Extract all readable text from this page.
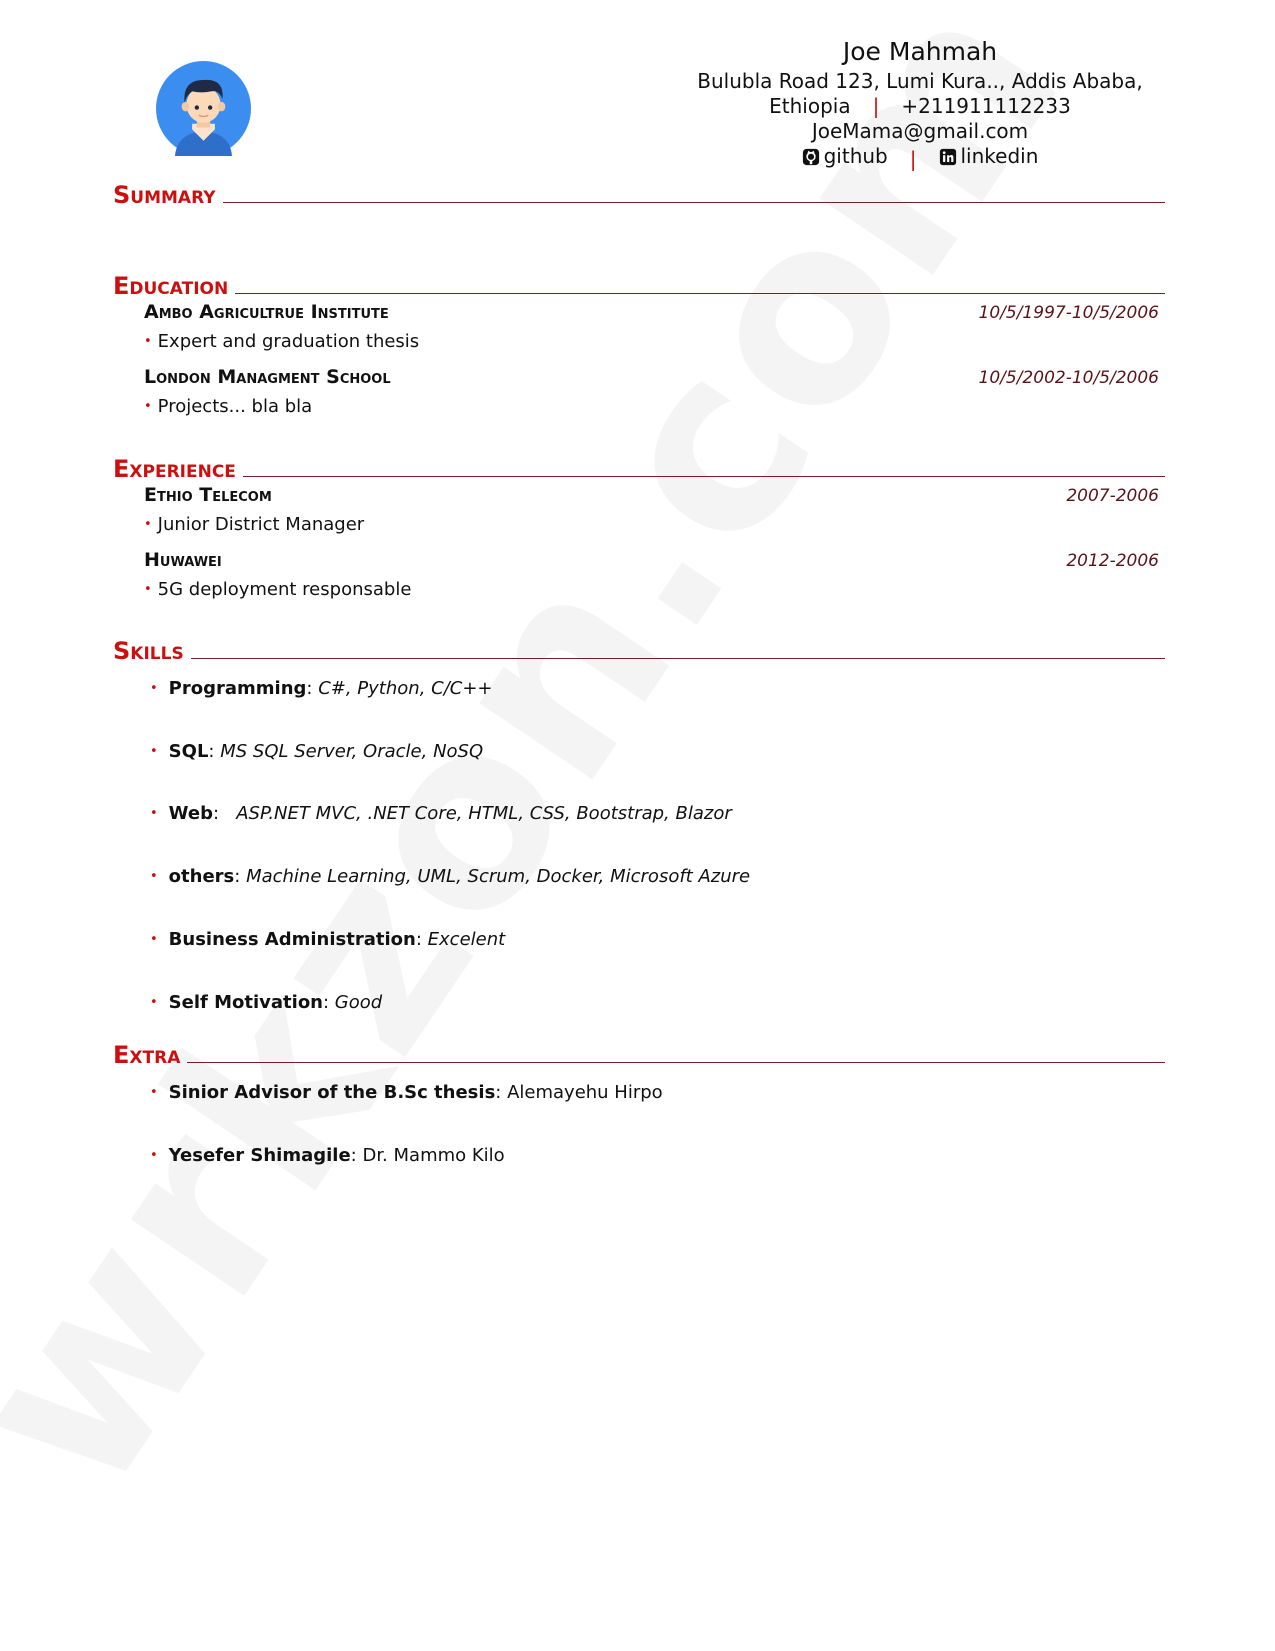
Joe Mahmah
Bulubla Road 123, Lumi Kura.., Addis Ababa,
Ethiopia | +211911112233
JoeMama@gmail.com
github | linkedin
Summary
Education
Ambo Agricultrue Institute	10/5/1997-10/5/2006
• Expert and graduation thesis
London Managment School	10/5/2002-10/5/2006
• Projects... bla bla
Experience
Ethio Telecom	2007-2006
• Junior District Manager
Huwawei	2012-2006
• 5G deployment responsable
Skills
• Programming: C#, Python, C/C++
• SQL: MS SQL Server, Oracle, NoSQ
• Web:   ASP.NET MVC, .NET Core, HTML, CSS, Bootstrap, Blazor
• others: Machine Learning, UML, Scrum, Docker, Microsoft Azure
• Business Administration: Excelent
• Self Motivation: Good
Extra
• Sinior Advisor of the B.Sc thesis: Alemayehu Hirpo
• Yesefer Shimagile: Dr. Mammo Kilo
